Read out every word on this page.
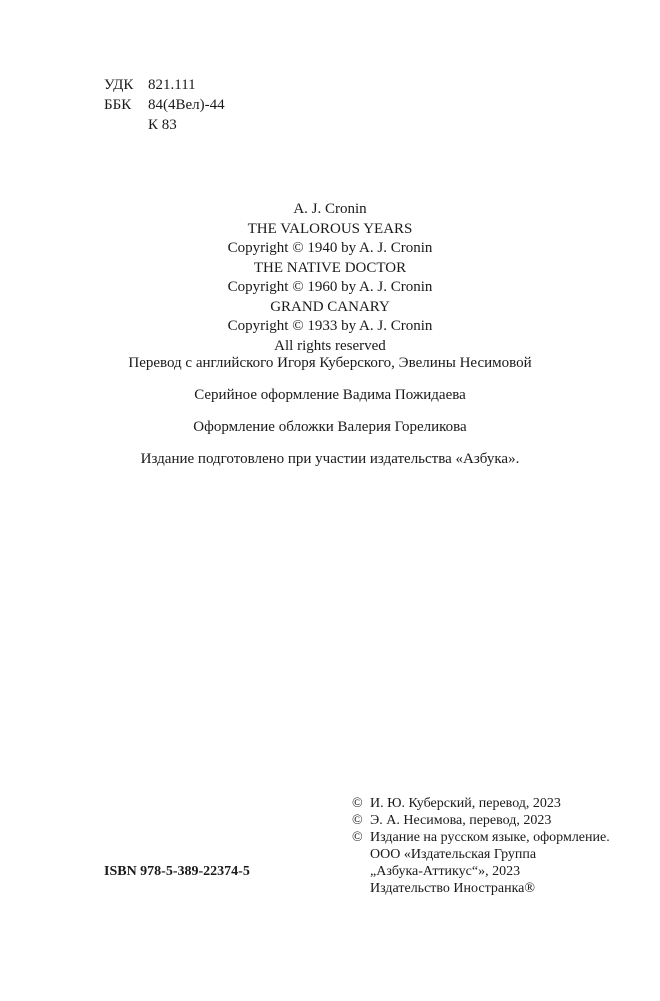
УДК 821.111
ББК	84(4Вел)-44
К 83
A. J. Cronin
THE VALOROUS YEARS
Copyright © 1940 by A. J. Cronin
THE NATIVE DOCTOR
Copyright © 1960 by A. J. Cronin
GRAND CANARY
Copyright © 1933 by A. J. Cronin
All rights reserved
Перевод с английского Игоря Куберского, Эвелины Несимовой
Серийное оформление Вадима Пожидаева
Оформление обложки Валерия Гореликова
Издание подготовлено при участии издательства «Азбука».
© И. Ю. Куберский, перевод, 2023
© Э. А. Несимова, перевод, 2023
© Издание на русском языке, оформление.
ООО «Издательская Группа
„Азбука-Аттикус“», 2023
Издательство Иностранка®
ISBN 978-5-389-22374-5
